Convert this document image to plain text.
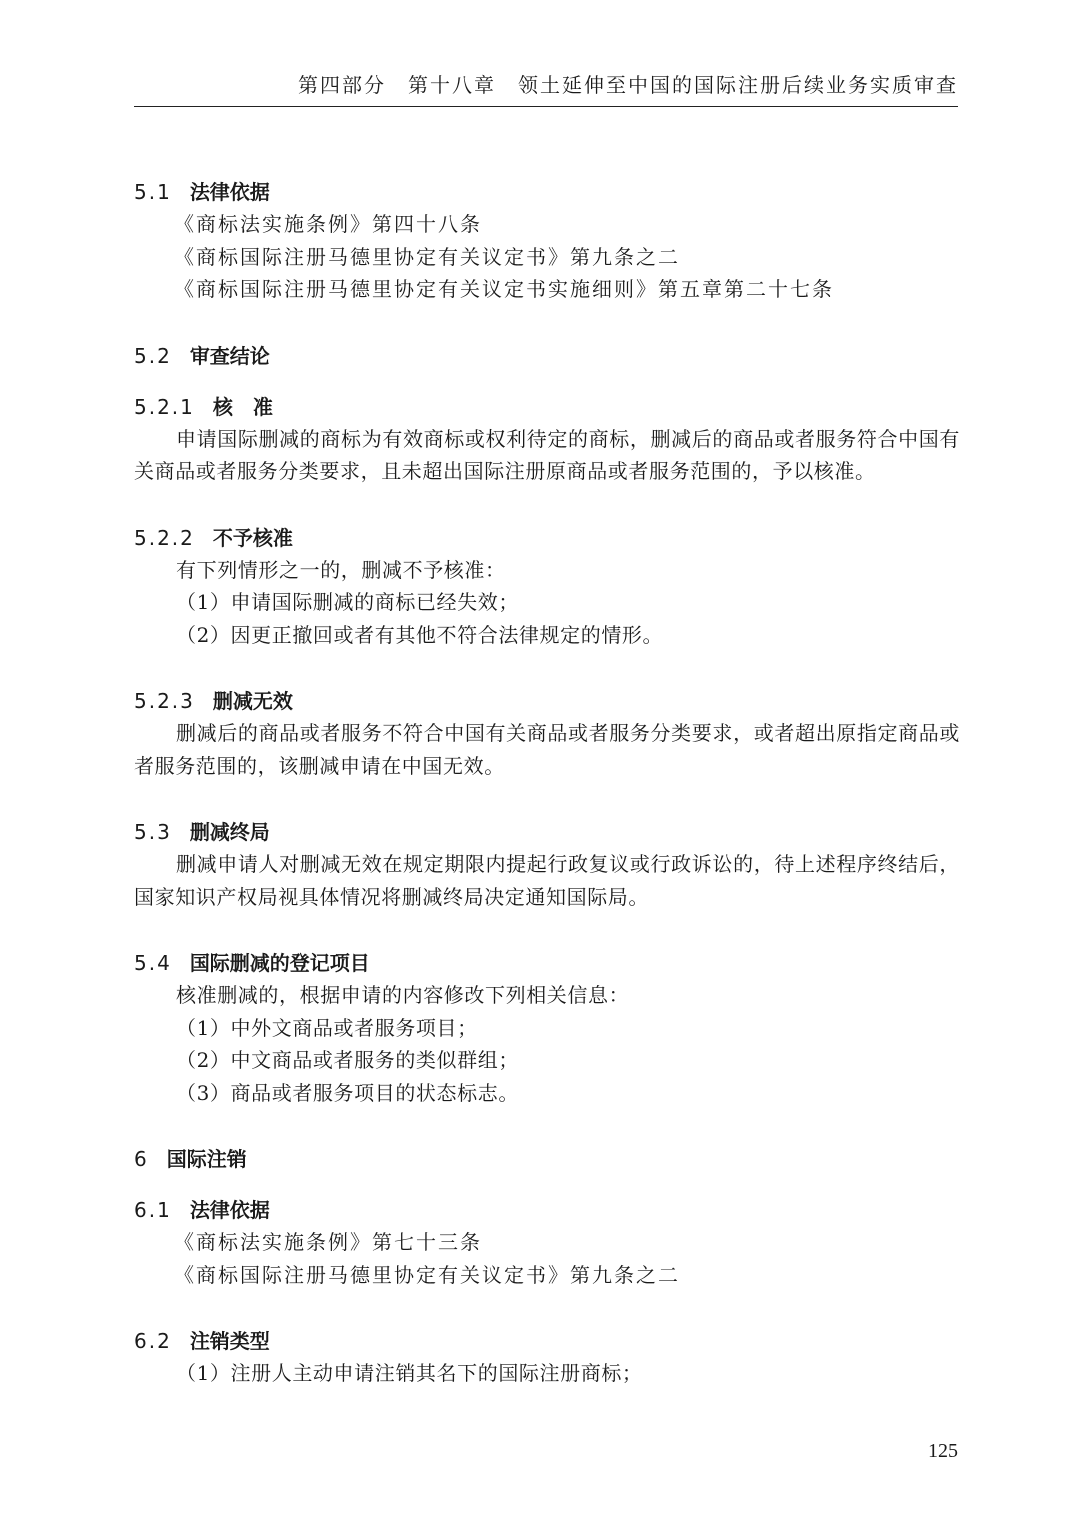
第四部分　第十八章　领土延伸至中国的国际注册后续业务实质审查
5.1 法律依据
《商标法实施条例》第四十八条
《商标国际注册马德里协定有关议定书》第九条之二
《商标国际注册马德里协定有关议定书实施细则》第五章第二十七条
5.2 审查结论
5.2.1 核　准
申请国际删减的商标为有效商标或权利待定的商标，删减后的商品或者服务符合中国有关商品或者服务分类要求，且未超出国际注册原商品或者服务范围的，予以核准。
5.2.2 不予核准
有下列情形之一的，删减不予核准：
（1）申请国际删减的商标已经失效；
（2）因更正撤回或者有其他不符合法律规定的情形。
5.2.3 删减无效
删减后的商品或者服务不符合中国有关商品或者服务分类要求，或者超出原指定商品或者服务范围的，该删减申请在中国无效。
5.3 删减终局
删减申请人对删减无效在规定期限内提起行政复议或行政诉讼的，待上述程序终结后，国家知识产权局视具体情况将删减终局决定通知国际局。
5.4 国际删减的登记项目
核准删减的，根据申请的内容修改下列相关信息：
（1）中外文商品或者服务项目；
（2）中文商品或者服务的类似群组；
（3）商品或者服务项目的状态标志。
6 国际注销
6.1 法律依据
《商标法实施条例》第七十三条
《商标国际注册马德里协定有关议定书》第九条之二
6.2 注销类型
（1）注册人主动申请注销其名下的国际注册商标；
125
